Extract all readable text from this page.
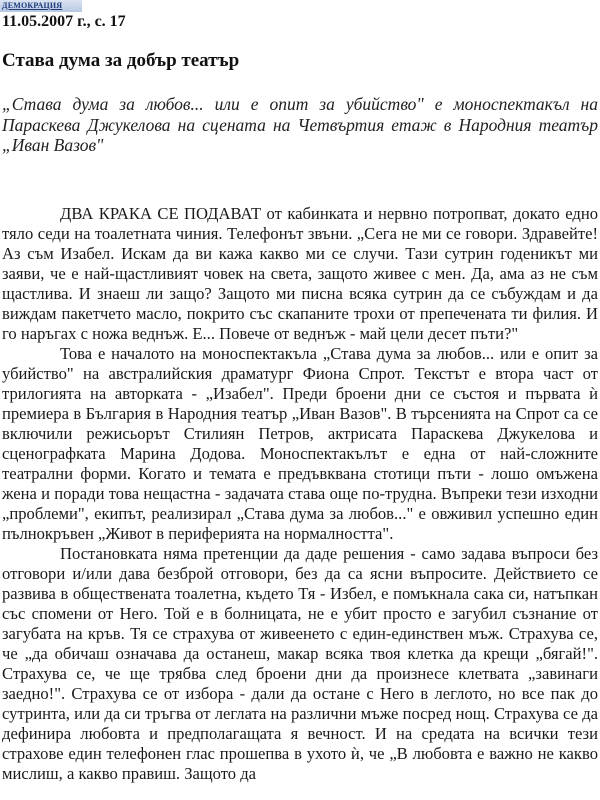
ДЕМОКРАЦИЯ
11.05.2007 г., с. 17
Става дума за добър театър
„Става дума за любов... или е опит за убийство" е моноспектакъл на Параскева Джукелова на сцената на Четвъртия етаж в Народния театър „Иван Вазов"

ДВА КРАКА СЕ ПОДАВАТ от кабинката и нервно потропват, докато едно тяло седи на тоалетната чиния. Телефонът звъни. „Сега не ми се говори. Здравейте! Аз съм Изабел. Искам да ви кажа какво ми се случи. Тази сутрин годеникът ми заяви, че е най-щастливият човек на света, защото живее с мен. Да, ама аз не съм щастлива. И знаеш ли защо? Защото ми писна всяка сутрин да се събуждам и да виждам пакетчето масло, покрито със скапаните трохи от препечената ти филия. И го наръгах с ножа веднъж. Е... Повече от веднъж - май цели десет пъти?"

Това е началото на моноспектакъла „Става дума за любов... или е опит за убийство" на австралийския драматург Фиона Спрот. Текстът е втора част от трилогията на авторката - „Изабел". Преди броени дни се състоя и първата ѝ премиера в България в Народния театър „Иван Вазов". В търсенията на Спрот са се включили режисьорът Стилиян Петров, актрисата Параскева Джукелова и сценографката Марина Додова. Моноспектакълът е една от най-сложните театрални форми. Когато и темата е предъвквана стотици пъти - лошо омъжена жена и поради това нещастна - задачата става още по-трудна. Въпреки тези изходни „проблеми", екипът, реализирал „Става дума за любов..." е овживил успешно един пълнокръвен „Живот в периферията на нормалността".

Постановката няма претенции да даде решения - само задава въпроси без отговори и/или дава безброй отговори, без да са ясни въпросите. Действието се развива в обществената тоалетна, където Тя - Избел, е помъкнала сака си, натъпкан със спомени от Него. Той е в болницата, не е убит просто е загубил съзнание от загубата на кръв. Тя се страхува от живеенето с един-единствен мъж. Страхува се, че „да обичаш означава да останеш, макар всяка твоя клетка да крещи „бягай!". Страхува се, че ще трябва след броени дни да произнесе клетвата „завинаги заедно!". Страхува се от избора - дали да остане с Него в леглото, но все пак до сутринта, или да си тръгва от леглата на различни мъже посред нощ. Страхува се да дефинира любовта и предполагащата я вечност. И на средата на всички тези страхове един телефонен глас прошепва в ухото ѝ, че „В любовта е важно не какво мислиш, а какво правиш. Защото да
